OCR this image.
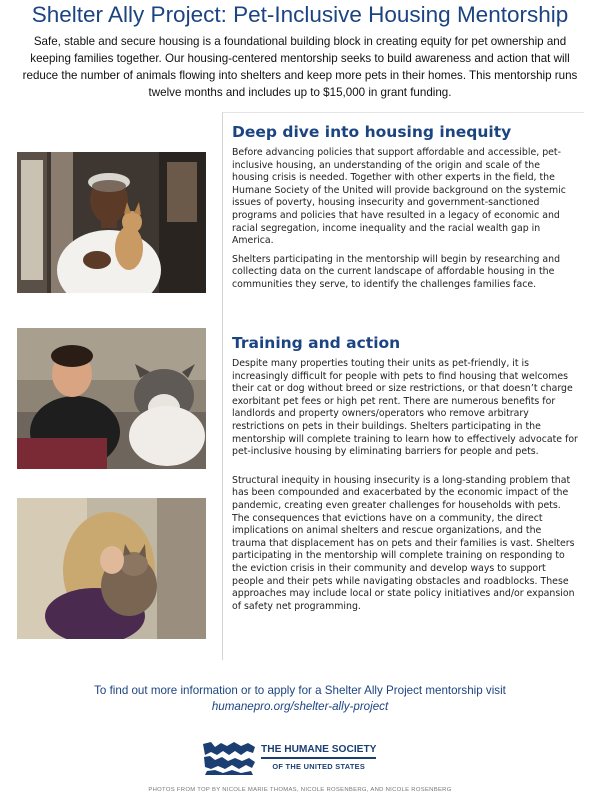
Shelter Ally Project: Pet-Inclusive Housing Mentorship
Safe, stable and secure housing is a foundational building block in creating equity for pet ownership and keeping families together. Our housing-centered mentorship seeks to build awareness and action that will reduce the number of animals flowing into shelters and keep more pets in their homes. This mentorship runs twelve months and includes up to $15,000 in grant funding.
Deep dive into housing inequity

Before advancing policies that support affordable and accessible, pet-inclusive housing, an understanding of the origin and scale of the housing crisis is needed. Together with other experts in the field, the Humane Society of the United will provide background on the systemic issues of poverty, housing insecurity and government-sanctioned programs and policies that have resulted in a legacy of economic and racial segregation, income inequality and the racial wealth gap in America.

Shelters participating in the mentorship will begin by researching and collecting data on the current landscape of affordable housing in the communities they serve, to identify the challenges families face.

Training and action

Despite many properties touting their units as pet-friendly, it is increasingly difficult for people with pets to find housing that welcomes their cat or dog without breed or size restrictions, or that doesn’t charge exorbitant pet fees or high pet rent. There are numerous benefits for landlords and property owners/operators who remove arbitrary restrictions on pets in their buildings. Shelters participating in the mentorship will complete training to learn how to effectively advocate for pet-inclusive housing by eliminating barriers for people and pets.

Structural inequity in housing insecurity is a long-standing problem that has been compounded and exacerbated by the economic impact of the pandemic, creating even greater challenges for households with pets. The consequences that evictions have on a community, the direct implications on animal shelters and rescue organizations, and the trauma that displacement has on pets and their families is vast. Shelters participating in the mentorship will complete training on responding to the eviction crisis in their community and develop ways to support people and their pets while navigating obstacles and roadblocks. These approaches may include local or state policy initiatives and/or expansion of safety net programming.

To find out more information or to apply for a Shelter Ally Project mentorship visit
humanepro.org/shelter-ally-project
THE HUMANE SOCIETY
OF THE UNITED STATES
PHOTOS FROM TOP BY NICOLE MARIE THOMAS, NICOLE ROSENBERG, AND NICOLE ROSENBERG
